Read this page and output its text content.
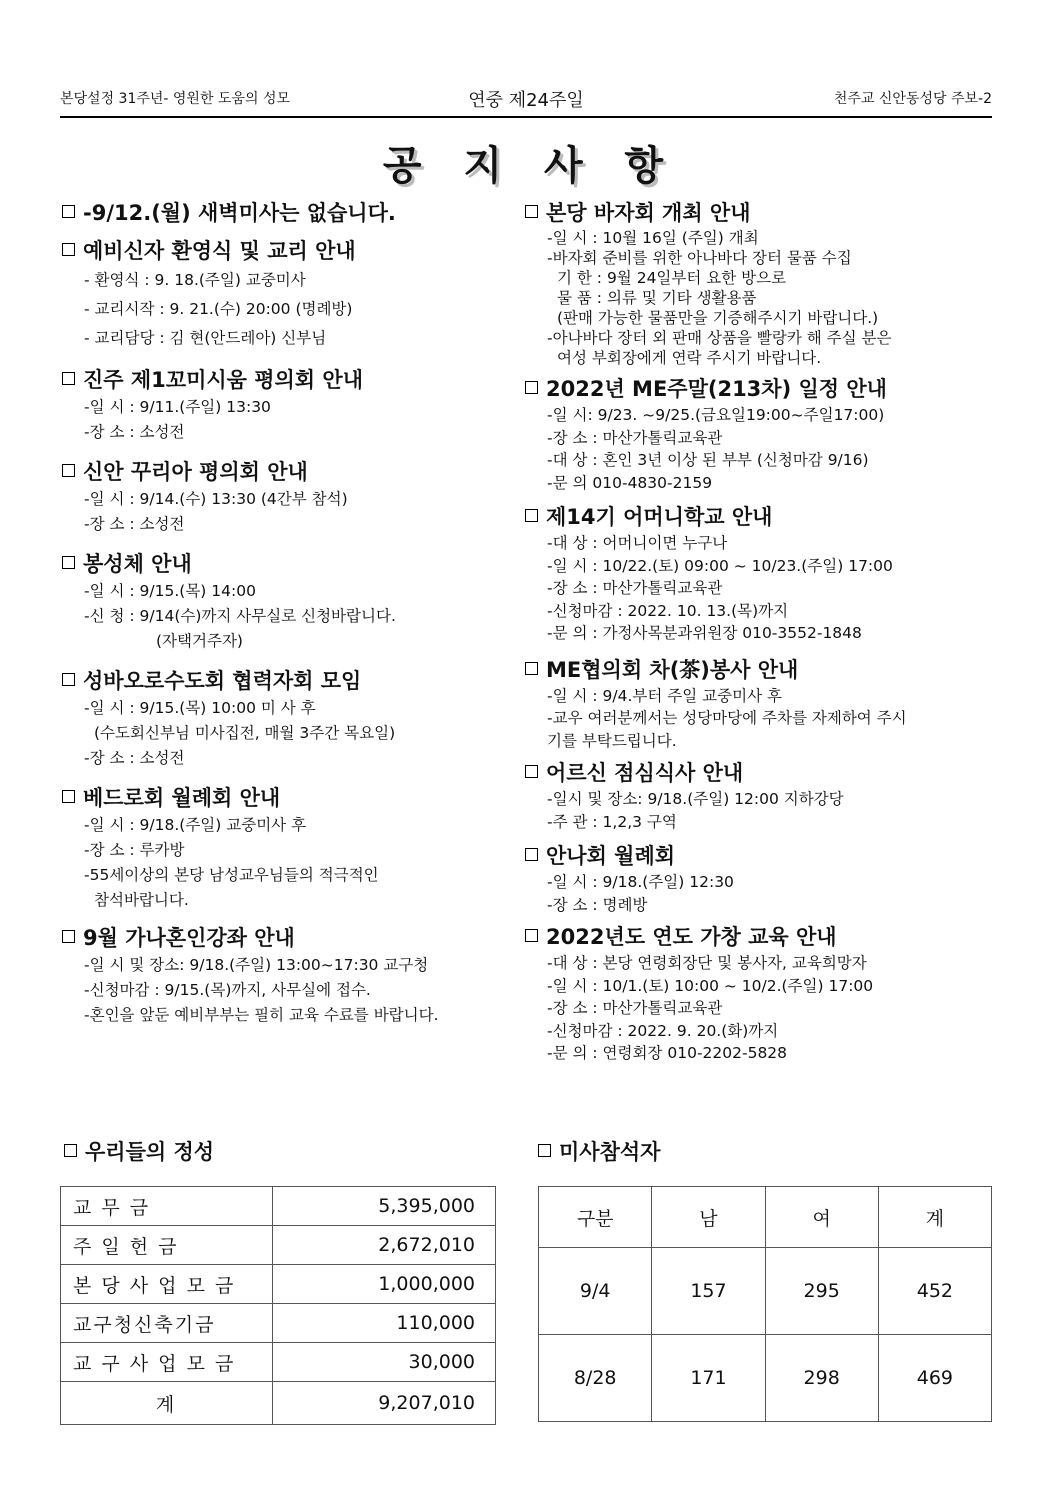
본당설정 31주년- 영원한 도움의 성모	연중 제24주일	천주교 신안동성당 주보-2
공 지 사 항
-9/12.(월) 새벽미사는 없습니다.
예비신자 환영식 및 교리 안내
- 환영식 : 9. 18.(주일) 교중미사
- 교리시작 : 9. 21.(수) 20:00 (명례방)
- 교리담당 : 김 현(안드레아) 신부님
진주 제1꼬미시움 평의회 안내
-일 시 : 9/11.(주일) 13:30
-장 소 : 소성전
신안 꾸리아 평의회 안내
-일 시 : 9/14.(수) 13:30 (4간부 참석)
-장 소 : 소성전
봉성체 안내
-일 시 : 9/15.(목) 14:00
-신 청 : 9/14(수)까지 사무실로 신청바랍니다.
(자택거주자)
성바오로수도회 협력자회 모임
-일 시 : 9/15.(목) 10:00 미 사 후
(수도회신부님 미사집전, 매월 3주간 목요일)
-장 소 : 소성전
베드로회 월례회 안내
-일 시 : 9/18.(주일) 교중미사 후
-장 소 : 루카방
-55세이상의 본당 남성교우님들의 적극적인
참석바랍니다.
9월 가나혼인강좌 안내
-일 시 및 장소: 9/18.(주일) 13:00~17:30 교구청
-신청마감 : 9/15.(목)까지, 사무실에 접수.
-혼인을 앞둔 예비부부는 필히 교육 수료를 바랍니다.
본당 바자회 개최 안내
-일 시 : 10월 16일 (주일) 개최
-바자회 준비를 위한 아나바다 장터 물품 수집
기 한 : 9월 24일부터 요한 방으로
물 품 : 의류 및 기타 생활용품
(판매 가능한 물품만을 기증해주시기 바랍니다.)
-아나바다 장터 외 판매 상품을 빨랑카 해 주실 분은
여성 부회장에게 연락 주시기 바랍니다.
2022년 ME주말(213차) 일정 안내
-일 시: 9/23. ~9/25.(금요일19:00~주일17:00)
-장 소 : 마산가톨릭교육관
-대 상 : 혼인 3년 이상 된 부부 (신청마감 9/16)
-문 의 010-4830-2159
제14기 어머니학교 안내
-대 상 : 어머니이면 누구나
-일 시 : 10/22.(토) 09:00 ~ 10/23.(주일) 17:00
-장 소 : 마산가톨릭교육관
-신청마감 : 2022. 10. 13.(목)까지
-문 의 : 가정사목분과위원장 010-3552-1848
ME협의회 차(茶)봉사 안내
-일 시 : 9/4.부터 주일 교중미사 후
-교우 여러분께서는 성당마당에 주차를 자제하여 주시
기를 부탁드립니다.
어르신 점심식사 안내
-일시 및 장소: 9/18.(주일) 12:00 지하강당
-주 관 : 1,2,3 구역
안나회 월례회
-일 시 : 9/18.(주일) 12:30
-장 소 : 명례방
2022년도 연도 가창 교육 안내
-대 상 : 본당 연령회장단 및 봉사자, 교육희망자
-일 시 : 10/1.(토) 10:00 ~ 10/2.(주일) 17:00
-장 소 : 마산가톨릭교육관
-신청마감 : 2022. 9. 20.(화)까지
-문 의 : 연령회장 010-2202-5828
우리들의 정성	미사참석자
교 무 금	5,395,000
주 일 헌 금	2,672,010
본 당 사 업 모 금	1,000,000
교구청신축기금	110,000
교 구 사 업 모 금	30,000
계	9,207,010
구분	남	여	계
9/4	157	295	452
8/28	171	298	469
